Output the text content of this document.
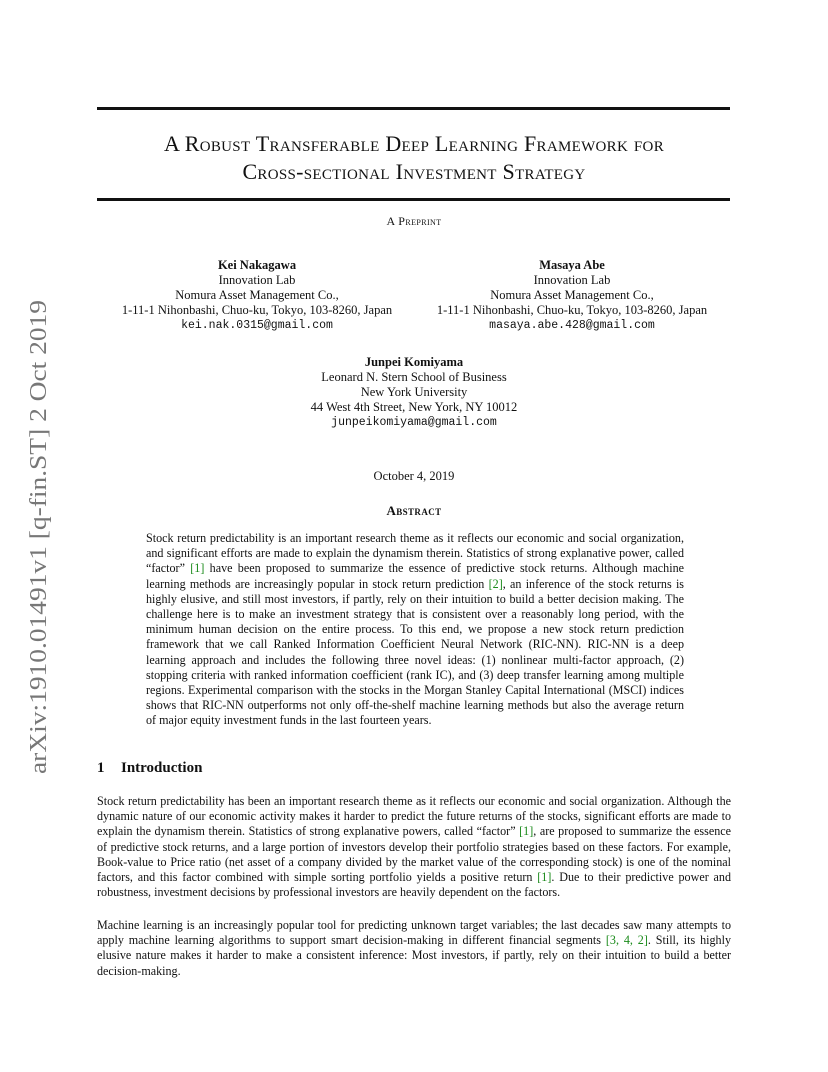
arXiv:1910.01491v1 [q-fin.ST] 2 Oct 2019
A Robust Transferable Deep Learning Framework for
Cross-sectional Investment Strategy
A Preprint
Kei Nakagawa
Innovation Lab
Nomura Asset Management Co.,
1-11-1 Nihonbashi, Chuo-ku, Tokyo, 103-8260, Japan
kei.nak.0315@gmail.com
Masaya Abe
Innovation Lab
Nomura Asset Management Co.,
1-11-1 Nihonbashi, Chuo-ku, Tokyo, 103-8260, Japan
masaya.abe.428@gmail.com
Junpei Komiyama
Leonard N. Stern School of Business
New York University
44 West 4th Street, New York, NY 10012
junpeikomiyama@gmail.com
October 4, 2019
Abstract
Stock return predictability is an important research theme as it reflects our economic and social organization, and significant efforts are made to explain the dynamism therein. Statistics of strong explanative power, called “factor” [1] have been proposed to summarize the essence of predictive stock returns. Although machine learning methods are increasingly popular in stock return prediction [2], an inference of the stock returns is highly elusive, and still most investors, if partly, rely on their intuition to build a better decision making. The challenge here is to make an investment strategy that is consistent over a reasonably long period, with the minimum human decision on the entire process. To this end, we propose a new stock return prediction framework that we call Ranked Information Coefficient Neural Network (RIC-NN). RIC-NN is a deep learning approach and includes the following three novel ideas: (1) nonlinear multi-factor approach, (2) stopping criteria with ranked information coefficient (rank IC), and (3) deep transfer learning among multiple regions. Experimental comparison with the stocks in the Morgan Stanley Capital International (MSCI) indices shows that RIC-NN outperforms not only off-the-shelf machine learning methods but also the average return of major equity investment funds in the last fourteen years.
1 Introduction

Stock return predictability has been an important research theme as it reflects our economic and social organization. Although the dynamic nature of our economic activity makes it harder to predict the future returns of the stocks, significant efforts are made to explain the dynamism therein. Statistics of strong explanative powers, called “factor” [1], are proposed to summarize the essence of predictive stock returns, and a large portion of investors develop their portfolio strategies based on these factors. For example, Book-value to Price ratio (net asset of a company divided by the market value of the corresponding stock) is one of the nominal factors, and this factor combined with simple sorting portfolio yields a positive return [1]. Due to their predictive power and robustness, investment decisions by professional investors are heavily dependent on the factors.

Machine learning is an increasingly popular tool for predicting unknown target variables; the last decades saw many attempts to apply machine learning algorithms to support smart decision-making in different financial segments [3, 4, 2]. Still, its highly elusive nature makes it harder to make a consistent inference: Most investors, if partly, rely on their intuition to build a better decision-making.
